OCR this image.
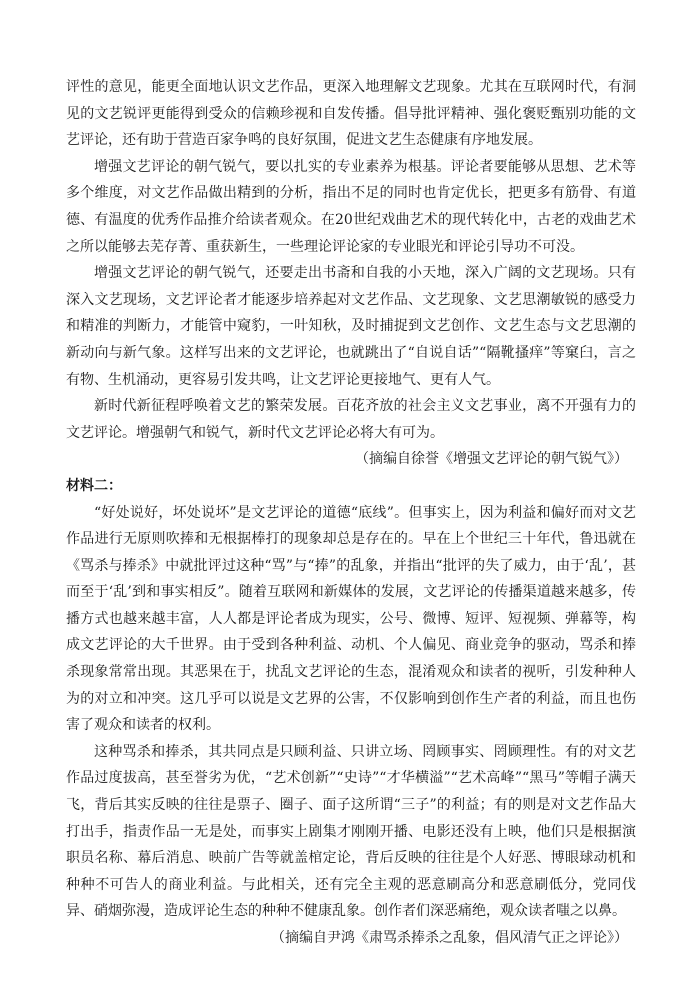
评性的意见，能更全面地认识文艺作品，更深入地理解文艺现象。尤其在互联网时代，有洞见的文艺锐评更能得到受众的信赖珍视和自发传播。倡导批评精神、强化褒贬甄别功能的文艺评论，还有助于营造百家争鸣的良好氛围，促进文艺生态健康有序地发展。

增强文艺评论的朝气锐气，要以扎实的专业素养为根基。评论者要能够从思想、艺术等多个维度，对文艺作品做出精到的分析，指出不足的同时也肯定优长，把更多有筋骨、有道德、有温度的优秀作品推介给读者观众。在20世纪戏曲艺术的现代转化中，古老的戏曲艺术之所以能够去芜存菁、重获新生，一些理论评论家的专业眼光和评论引导功不可没。

增强文艺评论的朝气锐气，还要走出书斋和自我的小天地，深入广阔的文艺现场。只有深入文艺现场，文艺评论者才能逐步培养起对文艺作品、文艺现象、文艺思潮敏锐的感受力和精准的判断力，才能管中窥豹，一叶知秋，及时捕捉到文艺创作、文艺生态与文艺思潮的新动向与新气象。这样写出来的文艺评论，也就跳出了“自说自话”“隔靴搔痒”等窠臼，言之有物、生机涌动，更容易引发共鸣，让文艺评论更接地气、更有人气。

新时代新征程呼唤着文艺的繁荣发展。百花齐放的社会主义文艺事业，离不开强有力的文艺评论。增强朝气和锐气，新时代文艺评论必将大有可为。

（摘编自徐誉《增强文艺评论的朝气锐气》）

材料二：

“好处说好，坏处说坏”是文艺评论的道德“底线”。但事实上，因为利益和偏好而对文艺作品进行无原则吹捧和无根据棒打的现象却总是存在的。早在上个世纪三十年代，鲁迅就在《骂杀与捧杀》中就批评过这种“骂”与“捧”的乱象，并指出“批评的失了威力，由于‘乱’，甚而至于‘乱’到和事实相反”。随着互联网和新媒体的发展，文艺评论的传播渠道越来越多，传播方式也越来越丰富，人人都是评论者成为现实，公号、微博、短评、短视频、弹幕等，构成文艺评论的大千世界。由于受到各种利益、动机、个人偏见、商业竞争的驱动，骂杀和捧杀现象常常出现。其恶果在于，扰乱文艺评论的生态，混淆观众和读者的视听，引发种种人为的对立和冲突。这几乎可以说是文艺界的公害，不仅影响到创作生产者的利益，而且也伤害了观众和读者的权利。

这种骂杀和捧杀，其共同点是只顾利益、只讲立场、罔顾事实、罔顾理性。有的对文艺作品过度拔高，甚至誉劣为优，“艺术创新”“史诗”“才华横溢”“艺术高峰”“黑马”等帽子满天飞，背后其实反映的往往是票子、圈子、面子这所谓“三子”的利益；有的则是对文艺作品大打出手，指责作品一无是处，而事实上剧集才刚刚开播、电影还没有上映，他们只是根据演职员名称、幕后消息、映前广告等就盖棺定论，背后反映的往往是个人好恶、博眼球动机和种种不可告人的商业利益。与此相关，还有完全主观的恶意刷高分和恶意刷低分，党同伐异、硝烟弥漫，造成评论生态的种种不健康乱象。创作者们深恶痛绝，观众读者嗤之以鼻。

（摘编自尹鸿《肃骂杀捧杀之乱象，倡风清气正之评论》）
